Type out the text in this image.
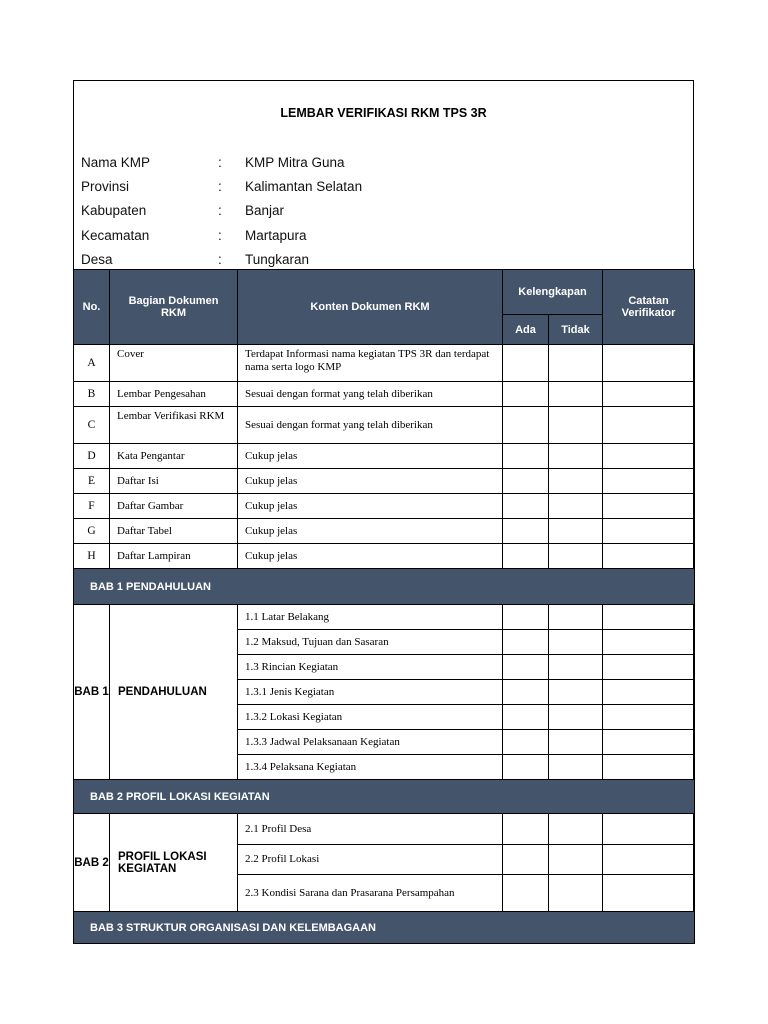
LEMBAR VERIFIKASI RKM TPS 3R
Nama KMP	: KMP Mitra Guna
Provinsi	: Kalimantan Selatan
Kabupaten	: Banjar
Kecamatan	: Martapura
Desa	: Tungkaran
No.	Bagian Dokumen RKM	Konten Dokumen RKM	Kelengkapan		Catatan Verifikator
			Ada	Tidak	
A	Cover	Terdapat Informasi nama kegiatan TPS 3R dan terdapat nama serta logo KMP			
B	Lembar Pengesahan	Sesuai dengan format yang telah diberikan			
C	Lembar Verifikasi RKM	Sesuai dengan format yang telah diberikan			
D	Kata Pengantar	Cukup jelas			
E	Daftar Isi	Cukup jelas			
F	Daftar Gambar	Cukup jelas			
G	Daftar Tabel	Cukup jelas			
H	Daftar Lampiran	Cukup jelas			
BAB 1 PENDAHULUAN					
BAB 1	PENDAHULUAN	1.1 Latar Belakang			
		1.2 Maksud, Tujuan dan Sasaran			
		1.3 Rincian Kegiatan			
		1.3.1 Jenis Kegiatan			
		1.3.2 Lokasi Kegiatan			
		1.3.3 Jadwal Pelaksanaan Kegiatan			
		1.3.4 Pelaksana Kegiatan			
BAB 2 PROFIL LOKASI KEGIATAN					
BAB 2	PROFIL LOKASI KEGIATAN	2.1 Profil Desa			
		2.2 Profil Lokasi			
		2.3 Kondisi Sarana dan Prasarana Persampahan			
BAB 3 STRUKTUR ORGANISASI DAN KELEMBAGAAN					
